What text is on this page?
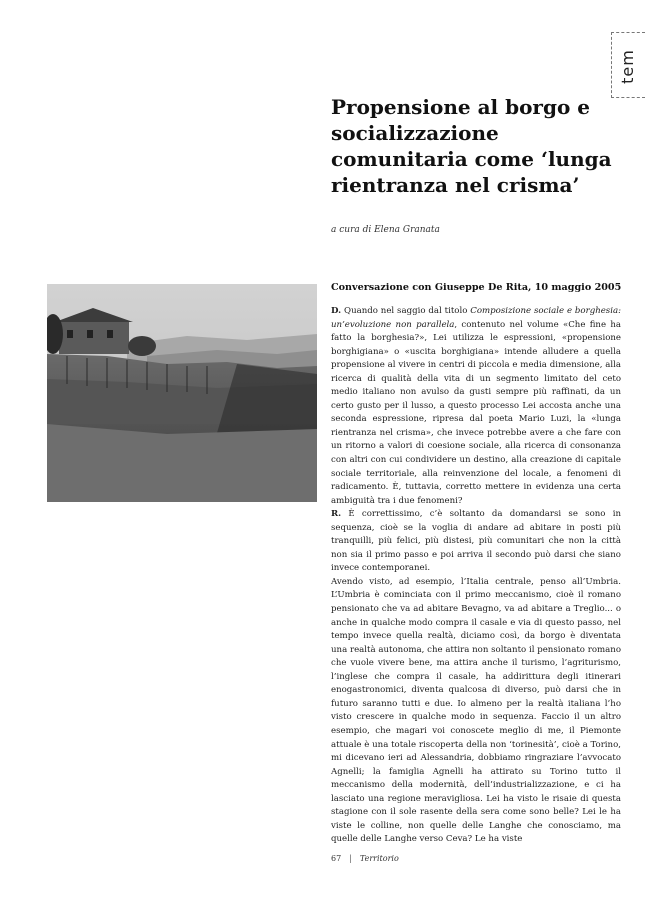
tem
Propensione al borgo e socializzazione comunitaria come ‘lunga rientranza nel crisma’
a cura di Elena Granata
Conversazione con Giuseppe De Rita, 10 maggio 2005

D. Quando nel saggio dal titolo Composizione sociale e borghesia: un’evoluzione non parallela, contenuto nel volume «Che fine ha fatto la borghesia?», Lei utilizza le espressioni, «propensione borghigiana» o «uscita borghigiana» intende alludere a quella propensione al vivere in centri di piccola e media dimensione, alla ricerca di qualità della vita di un segmento limitato del ceto medio italiano non avulso da gusti sempre più raffinati, da un certo gusto per il lusso, a questo processo Lei accosta anche una seconda espressione, ripresa dal poeta Mario Luzi, la «lunga rientranza nel crisma», che invece potrebbe avere a che fare con un ritorno a valori di coesione sociale, alla ricerca di consonanza con altri con cui condividere un destino, alla creazione di capitale sociale territoriale, alla reinvenzione del locale, a fenomeni di radicamento. È, tuttavia, corretto mettere in evidenza una certa ambiguità tra i due fenomeni?

R. È correttissimo, c’è soltanto da domandarsi se sono in sequenza, cioè se la voglia di andare ad abitare in posti più tranquilli, più felici, più distesi, più comunitari che non la città non sia il primo passo e poi arriva il secondo può darsi che siano invece contemporanei.

Avendo visto, ad esempio, l’Italia centrale, penso all’Umbria. L’Umbria è cominciata con il primo meccanismo, cioè il romano pensionato che va ad abitare Bevagno, va ad abitare a Treglio... o anche in qualche modo compra il casale e via di questo passo, nel tempo invece quella realtà, diciamo così, da borgo è diventata una realtà autonoma, che attira non soltanto il pensionato romano che vuole vivere bene, ma attira anche il turismo, l’agriturismo, l’inglese che compra il casale, ha addirittura degli itinerari enogastronomici, diventa qualcosa di diverso, può darsi che in futuro saranno tutti e due. Io almeno per la realtà italiana l’ho visto crescere in qualche modo in sequenza. Faccio il un altro esempio, che magari voi conoscete meglio di me, il Piemonte attuale è una totale riscoperta della non ‘torinesità’, cioè a Torino, mi dicevano ieri ad Alessandria, dobbiamo ringraziare l’avvocato Agnelli; la famiglia Agnelli ha attirato su Torino tutto il meccanismo della modernità, dell’industrializzazione, e ci ha lasciato una regione meravigliosa. Lei ha visto le risaie di questa stagione con il sole rasente della sera come sono belle? Lei le ha viste le colline, non quelle delle Langhe che conosciamo, ma quelle delle Langhe verso Ceva? Le ha viste

67 | Territorio
